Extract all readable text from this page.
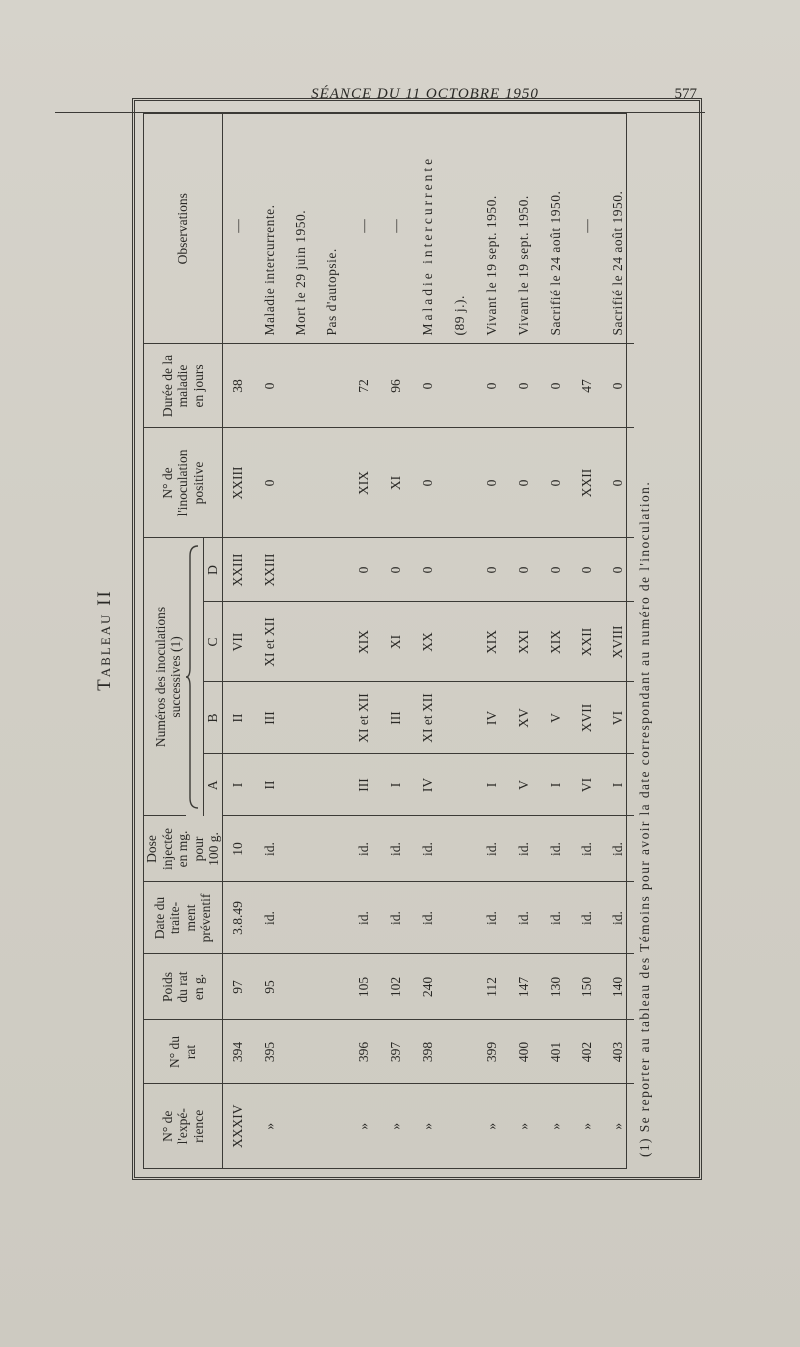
SÉANCE DU 11 OCTOBRE 1950	577
Tableau II
N° de l'expé- rience	N° du rat	Poids du rat en g.	Date du traite- ment préventif	Dose injectée en mg. pour 100 g.	Numéros des inoculations successives (1)				N° de l'inoculation positive	Durée de la maladie en jours	Observations

					A	B	C	D			
XXXIV	394	97	3.8.49	10	I	II	VII	XXIII	XXIII	38	—
»	395	95	id.	id.	II	III	XI et XII	XXIII	0	0	Maladie intercurrente.
											Mort le 29 juin 1950.
											Pas d'autopsie.
»	396	105	id.	id.	III	XI et XII	XIX	0	XIX	72	—
»	397	102	id.	id.	I	III	XI	0	XI	96	—
»	398	240	id.	id.	IV	XI et XII	XX	0	0	0	Maladie intercurrente
											(89 j.).
»	399	112	id.	id.	I	IV	XIX	0	0	0	Vivant le 19 sept. 1950.
»	400	147	id.	id.	V	XV	XXI	0	0	0	Vivant le 19 sept. 1950.
»	401	130	id.	id.	I	V	XIX	0	0	0	Sacrifié le 24 août 1950.
»	402	150	id.	id.	VI	XVII	XXII	0	XXII	47	—
»	403	140	id.	id.	I	VI	XVIII	0	0	0	Sacrifié le 24 août 1950.
(1) Se reporter au tableau des Témoins pour avoir la date correspondant au numéro de l'inoculation.
